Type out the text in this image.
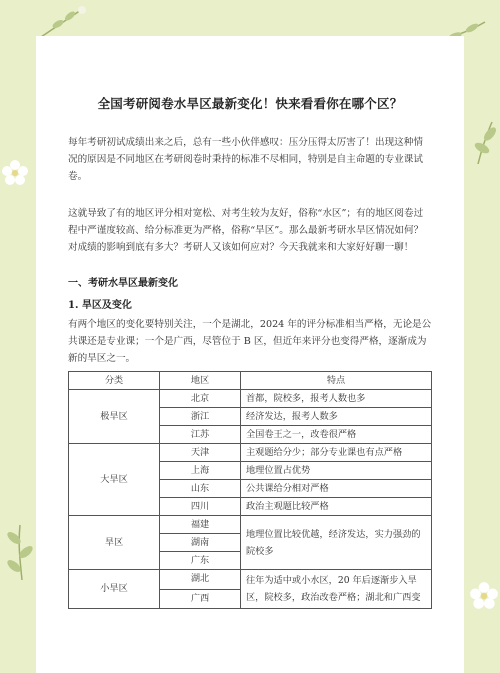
全国考研阅卷水旱区最新变化！快来看看你在哪个区？

每年考研初试成绩出来之后，总有一些小伙伴感叹：压分压得太厉害了！出现这种情况的原因是不同地区在考研阅卷时秉持的标准不尽相同，特别是自主命题的专业课试卷。

这就导致了有的地区评分相对宽松、对考生较为友好，俗称“水区”；有的地区阅卷过程中严谨度较高、给分标准更为严格，俗称“旱区”。那么最新考研水旱区情况如何？对成绩的影响到底有多大？考研人又该如何应对？今天我就来和大家好好聊一聊！

一、考研水旱区最新变化
1. 旱区及变化

有两个地区的变化要特别关注，一个是湖北，2024 年的评分标准相当严格，无论是公共课还是专业课；一个是广西，尽管位于 B 区，但近年来评分也变得严格，逐渐成为新的旱区之一。

分类	地区	特点
极旱区	北京	首都，院校多，报考人数也多
	浙江	经济发达，报考人数多
	江苏	全国卷王之一，改卷很严格
大旱区	天津	主观题给分少；部分专业课也有点严格
	上海	地理位置占优势
	山东	公共课给分相对严格
	四川	政治主观题比较严格
旱区	福建	地理位置比较优越，经济发达，实力强劲的院校多
	湖南	
	广东	
小旱区	湖北	往年为适中或小水区，20 年后逐渐步入旱区，院校多，政治改卷严格；湖北和广西变
	广西	
